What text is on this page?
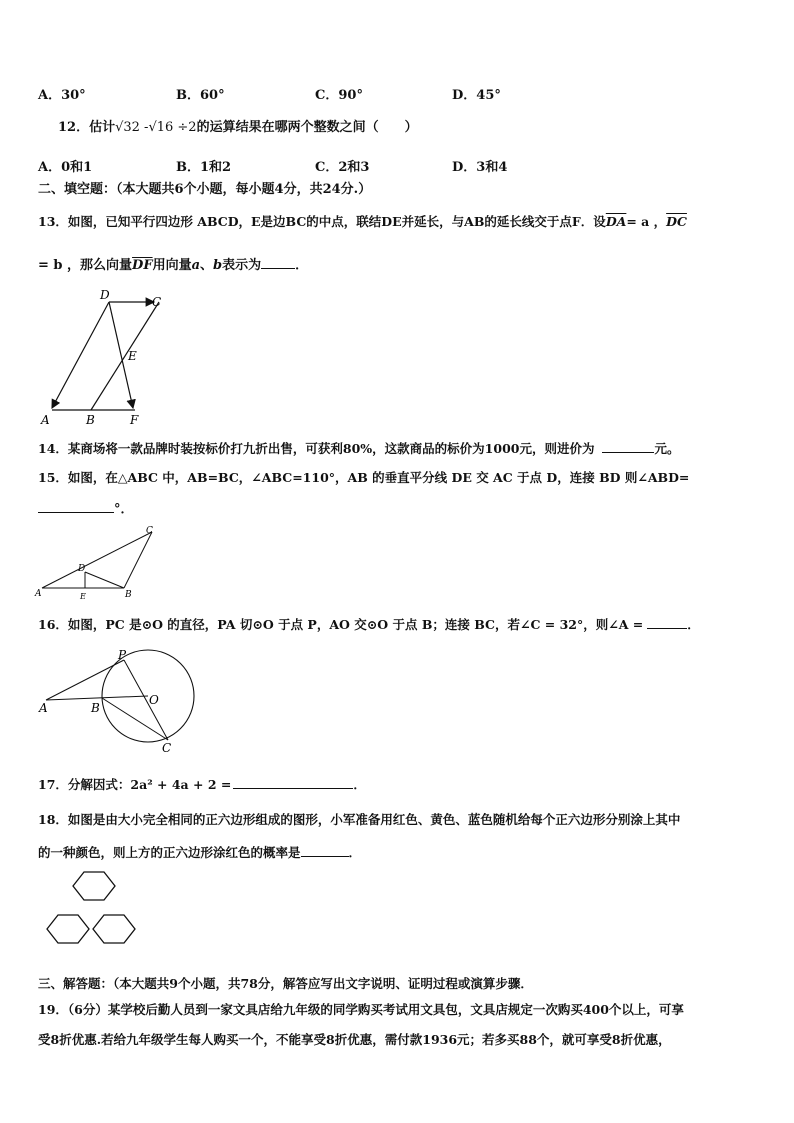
A．30°	B．60°	C．90°	D．45°
12．估计√32 -√16 ÷2的运算结果在哪两个整数之间（　　）
A．0和1	B．1和2	C．2和3	D．3和4
二、填空题：（本大题共6个小题，每小题4分，共24分.）
13．如图，已知平行四边形 ABCD，E是边BC的中点，联结DE并延长，与AB的延长线交于点F．设$\overline{DA}= a$ ，$\overline{DC}$
= b ，那么向量$\overline{DF}$用向量a、b表示为	．
D	C
E
A	B	F
14．某商场将一款品牌时装按标价打九折出售，可获利80%，这款商品的标价为1000元，则进价为	元。
15．如图，在△ABC 中，AB=BC，∠ABC=110°，AB 的垂直平分线 DE 交 AC 于点 D，连接 BD 则∠ABD=
°．
A	B
C
D
E
16．如图，PC 是⊙O 的直径，PA 切⊙O 于点 P，AO 交⊙O 于点 B；连接 BC，若∠C = 32°，则∠A =	．
P
A	B
O
C
17．分解因式：2a² + 4a + 2 =	．
18．如图是由大小完全相同的正六边形组成的图形，小军准备用红色、黄色、蓝色随机给每个正六边形分别涂上其中
的一种颜色，则上方的正六边形涂红色的概率是	．
三、解答题：（本大题共9个小题，共78分，解答应写出文字说明、证明过程或演算步骤．
19．（6分）某学校后勤人员到一家文具店给九年级的同学购买考试用文具包，文具店规定一次购买400个以上，可享
受8折优惠.若给九年级学生每人购买一个，不能享受8折优惠，需付款1936元；若多买88个，就可享受8折优惠，
